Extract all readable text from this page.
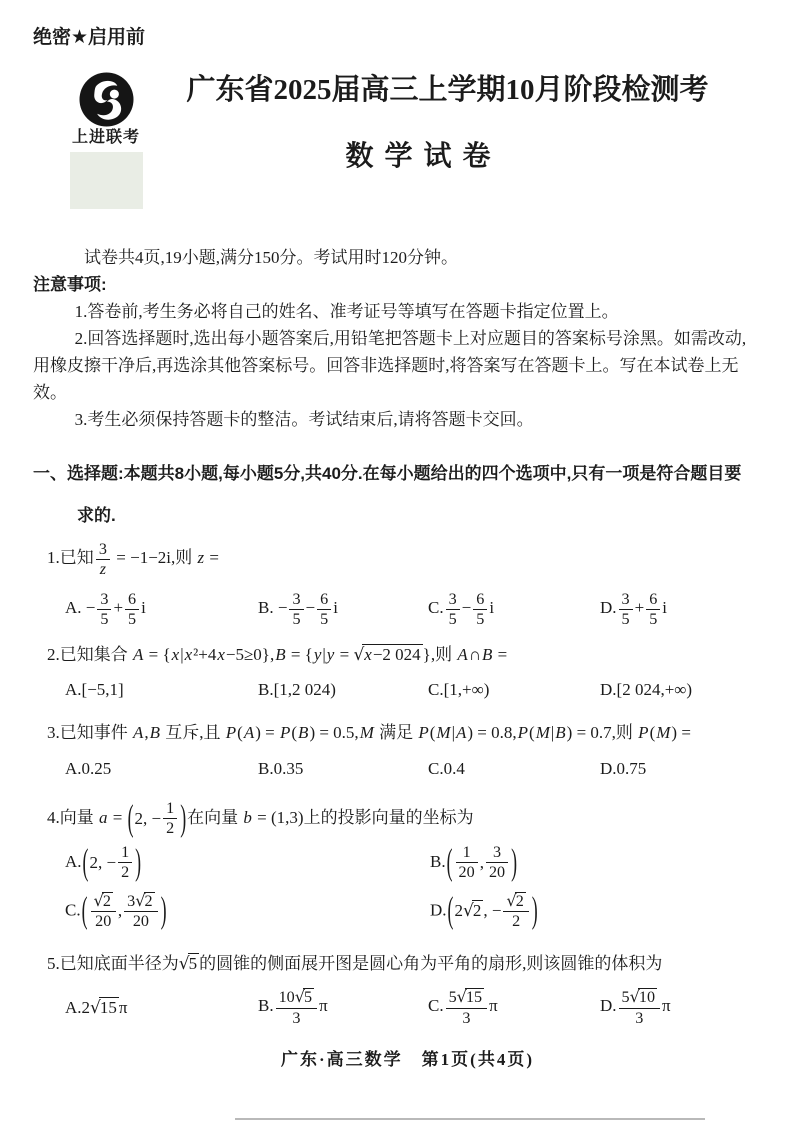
绝密★启用前
上进联考
广东省2025届高三上学期10月阶段检测考
数学试卷

试卷共4页,19小题,满分150分。考试用时120分钟。

注意事项:

1.答卷前,考生务必将自己的姓名、准考证号等填写在答题卡指定位置上。

2.回答选择题时,选出每小题答案后,用铅笔把答题卡上对应题目的答案标号涂黑。如需改动,用橡皮擦干净后,再选涂其他答案标号。回答非选择题时,将答案写在答题卡上。写在本试卷上无效。

3.考生必须保持答题卡的整洁。考试结束后,请将答题卡交回。

一、选择题:本题共8小题,每小题5分,共40分.在每小题给出的四个选项中,只有一项是符合题目要求的.

1.已知 $\frac{3}{z} = -1-2i$,则 z =
A. − $\frac{3}{5} + \frac{6}{5}$ i	B. − $\frac{3}{5} - \frac{6}{5}$ i	C. $\frac{3}{5} - \frac{6}{5}$ i	D. $\frac{3}{5} + \frac{6}{5}$ i
2.已知集合 A = {x|x²+4x−5≥0},B = {y|y = √x−2 024 },则 A∩B =
A.[−5,1]	B.[1,2 024)	C.[1,+∞)	D.[2 024,+∞)
3.已知事件 A,B 互斥,且 P(A) = P(B) = 0.5,M 满足 P(M|A) = 0.8,P(M|B) = 0.7,则 P(M) =
A.0.25	B.0.35	C.0.4	D.0.75
4.向量 a = ( 2, − $\frac{1}{2}$ ) 在向量 b = (1,3)上的投影向量的坐标为
A. ( 2, − $\frac{1}{2}$ )	B. ( $\frac{1}{20}$ , $\frac{3}{20}$ )
C. ( $\frac{√2}{20}$ , $\frac{3√2}{20}$ )	D. ( 2 √2 , − $\frac{√2}{2}$ )
5.已知底面半径为√5 的圆锥的侧面展开图是圆心角为平角的扇形,则该圆锥的体积为
A.2√15 π	B. $\frac{10√5}{3}$ π	C. $\frac{5√15}{3}$ π	D. $\frac{5√10}{3}$ π
广东·高三数学　第1页(共4页)
